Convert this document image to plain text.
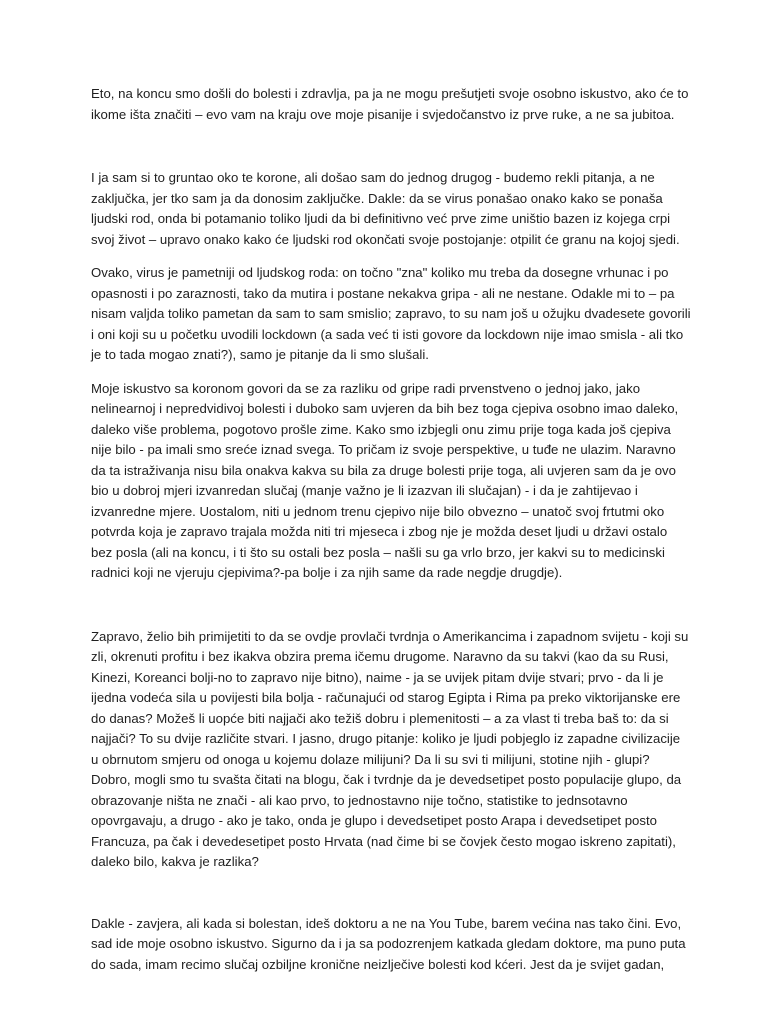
Eto, na koncu smo došli do bolesti i zdravlja, pa ja ne mogu prešutjeti svoje osobno iskustvo, ako će to ikome išta značiti – evo vam na kraju ove moje pisanije i svjedočanstvo iz prve ruke, a ne sa jubitoa.

I ja sam si to gruntao oko te korone, ali došao sam do jednog drugog - budemo rekli pitanja, a ne zaključka, jer tko sam ja da donosim zaključke. Dakle: da se virus ponašao onako kako se ponaša ljudski rod, onda bi potamanio toliko ljudi da bi definitivno već prve zime uništio bazen iz kojega crpi svoj život – upravo onako kako će ljudski rod okončati svoje postojanje: otpilit će granu na kojoj sjedi.

Ovako, virus je pametniji od ljudskog roda: on točno "zna" koliko mu treba da dosegne vrhunac i po opasnosti i po zaraznosti, tako da mutira i postane nekakva gripa - ali ne nestane. Odakle mi to – pa nisam valjda toliko pametan da sam to sam smislio; zapravo, to su nam još u ožujku dvadesete govorili i oni koji su u početku uvodili lockdown (a sada već ti isti govore da lockdown nije imao smisla - ali tko je to tada mogao znati?), samo je pitanje da li smo slušali.

Moje iskustvo sa koronom govori da se za razliku od gripe radi prvenstveno o jednoj jako, jako nelinearnoj i nepredvidivoj bolesti i duboko sam uvjeren da bih bez toga cjepiva osobno imao daleko, daleko više problema, pogotovo prošle zime. Kako smo izbjegli onu zimu prije toga kada još cjepiva nije bilo - pa imali smo sreće iznad svega. To pričam iz svoje perspektive, u tuđe ne ulazim. Naravno da ta istraživanja nisu bila onakva kakva su bila za druge bolesti prije toga, ali uvjeren sam da je ovo bio u dobroj mjeri izvanredan slučaj (manje važno je li izazvan ili slučajan) - i da je zahtijevao i izvanredne mjere. Uostalom, niti u jednom trenu cjepivo nije bilo obvezno – unatoč svoj frtutmi oko potvrda koja je zapravo trajala možda niti tri mjeseca i zbog nje je možda deset ljudi u državi ostalo bez posla (ali na koncu, i ti što su ostali bez posla – našli su ga vrlo brzo, jer kakvi su to medicinski radnici koji ne vjeruju cjepivima?-pa bolje i za njih same da rade negdje drugdje).

Zapravo, želio bih primijetiti to da se ovdje provlači tvrdnja o Amerikancima i zapadnom svijetu - koji su zli, okrenuti profitu i bez ikakva obzira prema ičemu drugome. Naravno da su takvi (kao da su Rusi, Kinezi, Koreanci bolji-no to zapravo nije bitno), naime - ja se uvijek pitam dvije stvari; prvo - da li je ijedna vodeća sila u povijesti bila bolja - računajući od starog Egipta i Rima pa preko viktorijanske ere do danas? Možeš li uopće biti najjači ako težiš dobru i plemenitosti – a za vlast ti treba baš to: da si najjači? To su dvije različite stvari. I jasno, drugo pitanje: koliko je ljudi pobjeglo iz zapadne civilizacije u obrnutom smjeru od onoga u kojemu dolaze milijuni? Da li su svi ti milijuni, stotine njih - glupi? Dobro, mogli smo tu svašta čitati na blogu, čak i tvrdnje da je devedsetipet posto populacije glupo, da obrazovanje ništa ne znači - ali kao prvo, to jednostavno nije točno, statistike to jednsotavno opovrgavaju, a drugo - ako je tako, onda je glupo i devedsetipet posto Arapa i devedsetipet posto Francuza, pa čak i devedesetipet posto Hrvata (nad čime bi se čovjek često mogao iskreno zapitati), daleko bilo, kakva je razlika?

Dakle - zavjera, ali kada si bolestan, ideš doktoru a ne na You Tube, barem većina nas tako čini. Evo, sad ide moje osobno iskustvo. Sigurno da i ja sa podozrenjem katkada gledam doktore, ma puno puta do sada, imam recimo slučaj ozbiljne kronične neizlječive bolesti kod kćeri. Jest da je svijet gadan,
